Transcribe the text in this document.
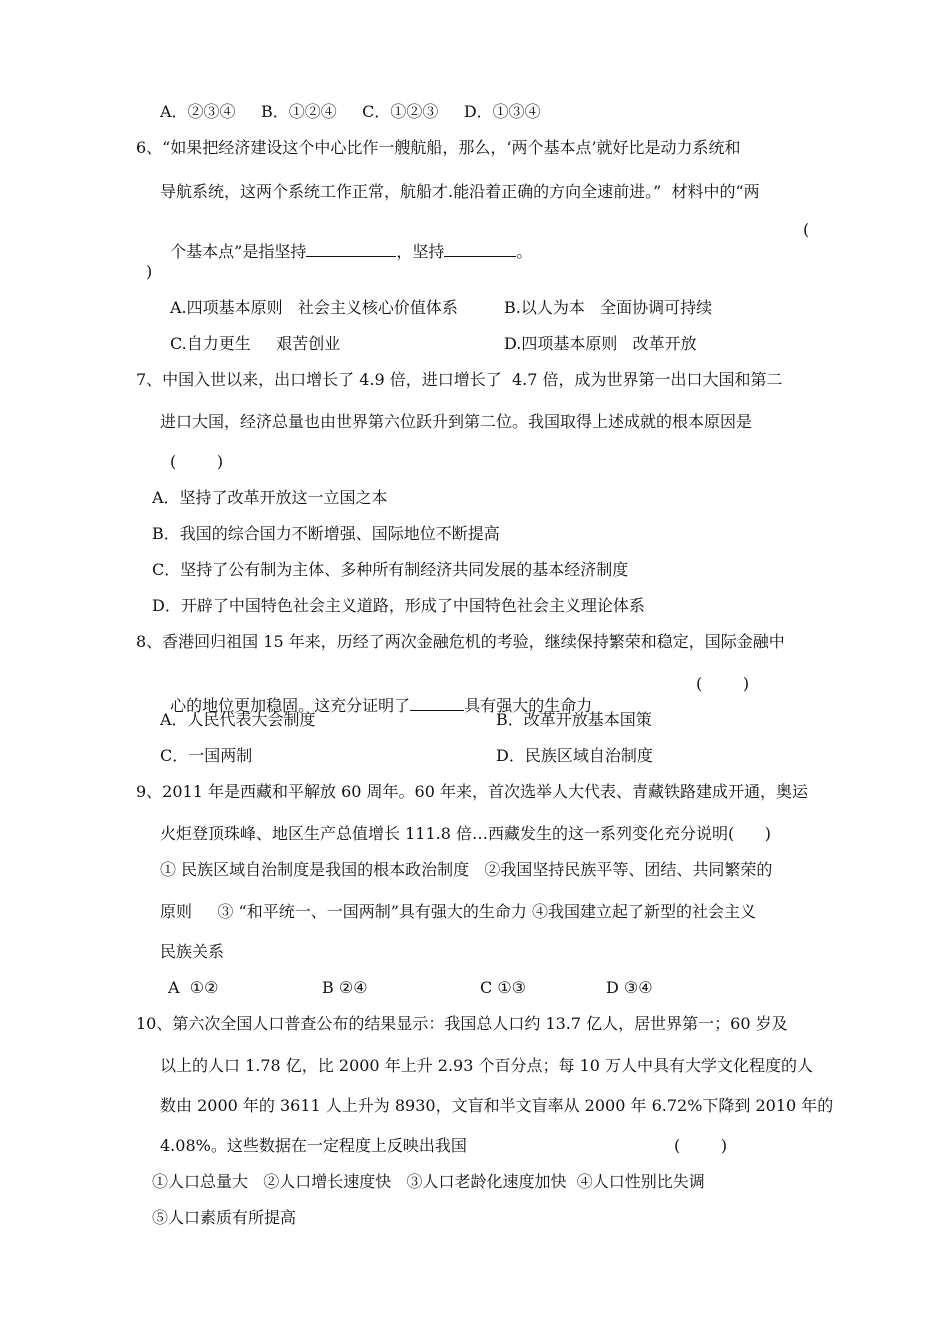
A．②③④     B．①②④     C．①②③     D．①③④
6、“如果把经济建设这个中心比作一艘航船，那么，‘两个基本点’就好比是动力系统和
导航系统，这两个系统工作正常，航船才.能沿着正确的方向全速前进。”  材料中的“两

个基本点”是指坚持	，坚持	。

(
)
A.四项基本原则   社会主义核心价值体系	B.以人为本   全面协调可持续
C.自力更生     艰苦创业	D.四项基本原则   改革开放
7、中国入世以来，出口增长了 4.9 倍，进口增长了  4.7 倍，成为世界第一出口大国和第二
进口大国，经济总量也由世界第六位跃升到第二位。我国取得上述成就的根本原因是
(        )
A．坚持了改革开放这一立国之本
B．我国的综合国力不断增强、国际地位不断提高
C．坚持了公有制为主体、多种所有制经济共同发展的基本经济制度
D．开辟了中国特色社会主义道路，形成了中国特色社会主义理论体系
8、香港回归祖国 15 年来，历经了两次金融危机的考验，继续保持繁荣和稳定，国际金融中

心的地位更加稳固。这充分证明了	具有强大的生命力

(        )
A．人民代表大会制度	B．改革开放基本国策
C．一国两制	D．民族区域自治制度
9、2011 年是西藏和平解放 60 周年。60 年来，首次选举人大代表、青藏铁路建成开通，奥运
火炬登顶珠峰、地区生产总值增长 111.8 倍…西藏发生的这一系列变化充分说明(      )
① 民族区域自治制度是我国的根本政治制度   ②我国坚持民族平等、团结、共同繁荣的
原则     ③ “和平统一、一国两制”具有强大的生命力 ④我国建立起了新型的社会主义
民族关系
A  ①②	B ②④	C ①③	D ③④
10、第六次全国人口普查公布的结果显示：我国总人口约 13.7 亿人，居世界第一；60 岁及
以上的人口 1.78 亿，比 2000 年上升 2.93 个百分点；每 10 万人中具有大学文化程度的人
数由 2000 年的 3611 人上升为 8930，文盲和半文盲率从 2000 年 6.72%下降到 2010 年的
4.08%。这些数据在一定程度上反映出我国	(        )
①人口总量大   ②人口增长速度快   ③人口老龄化速度加快  ④人口性别比失调
⑤人口素质有所提高
